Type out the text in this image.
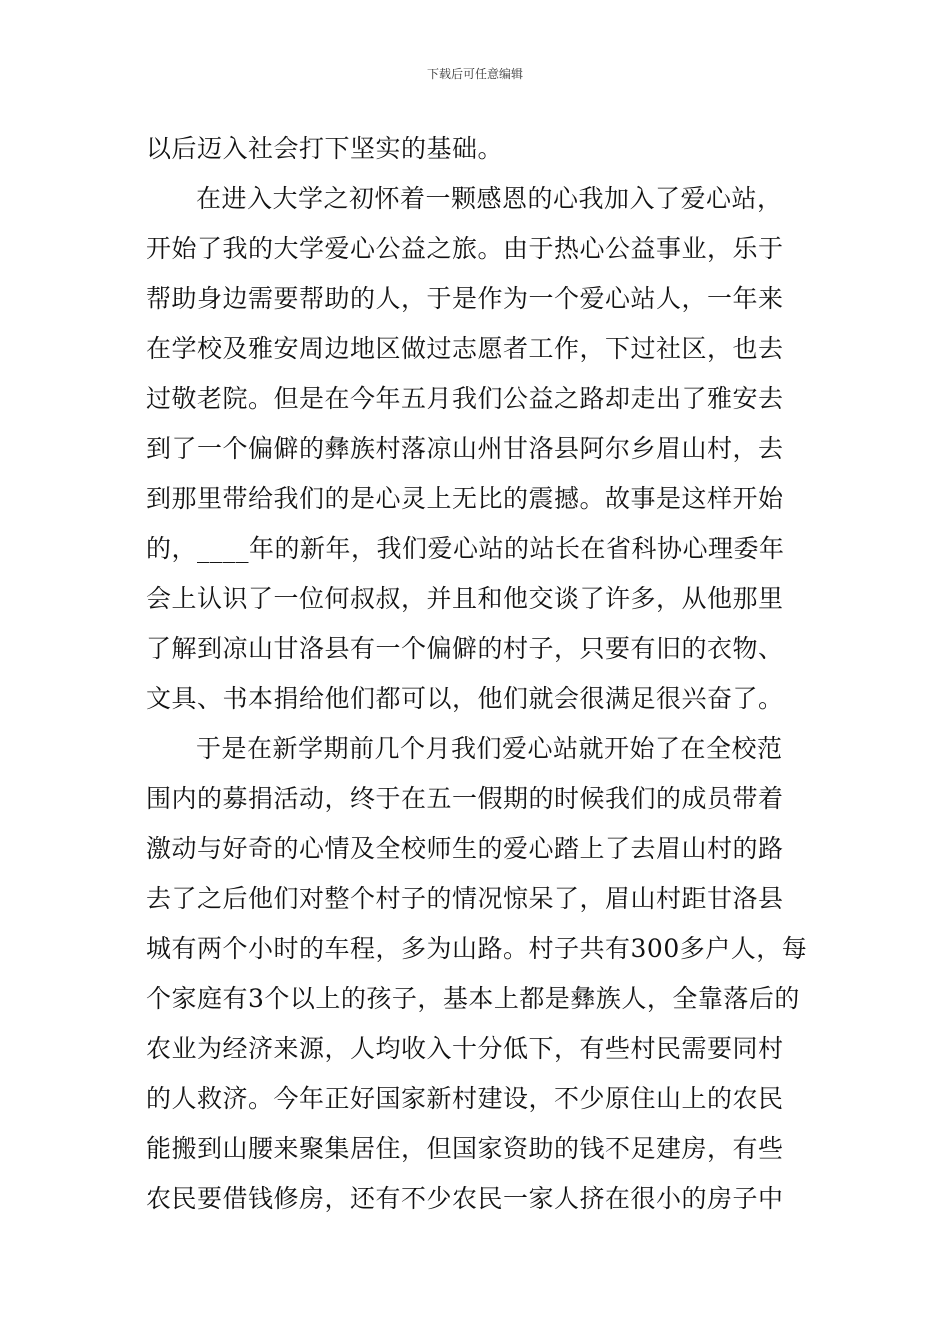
下载后可任意编辑
以后迈入社会打下坚实的基础。
在进入大学之初怀着一颗感恩的心我加入了爱心站，
开始了我的大学爱心公益之旅。由于热心公益事业，乐于
帮助身边需要帮助的人，于是作为一个爱心站人，一年来
在学校及雅安周边地区做过志愿者工作，下过社区，也去
过敬老院。但是在今年五月我们公益之路却走出了雅安去
到了一个偏僻的彝族村落凉山州甘洛县阿尔乡眉山村，去
到那里带给我们的是心灵上无比的震撼。故事是这样开始
的，____年的新年，我们爱心站的站长在省科协心理委年
会上认识了一位何叔叔，并且和他交谈了许多，从他那里
了解到凉山甘洛县有一个偏僻的村子，只要有旧的衣物、
文具、书本捐给他们都可以，他们就会很满足很兴奋了。
于是在新学期前几个月我们爱心站就开始了在全校范
围内的募捐活动，终于在五一假期的时候我们的成员带着
激动与好奇的心情及全校师生的爱心踏上了去眉山村的路
去了之后他们对整个村子的情况惊呆了，眉山村距甘洛县
城有两个小时的车程，多为山路。村子共有300多户人，每
个家庭有3个以上的孩子，基本上都是彝族人，全靠落后的
农业为经济来源，人均收入十分低下，有些村民需要同村
的人救济。今年正好国家新村建设，不少原住山上的农民
能搬到山腰来聚集居住，但国家资助的钱不足建房，有些
农民要借钱修房，还有不少农民一家人挤在很小的房子中
